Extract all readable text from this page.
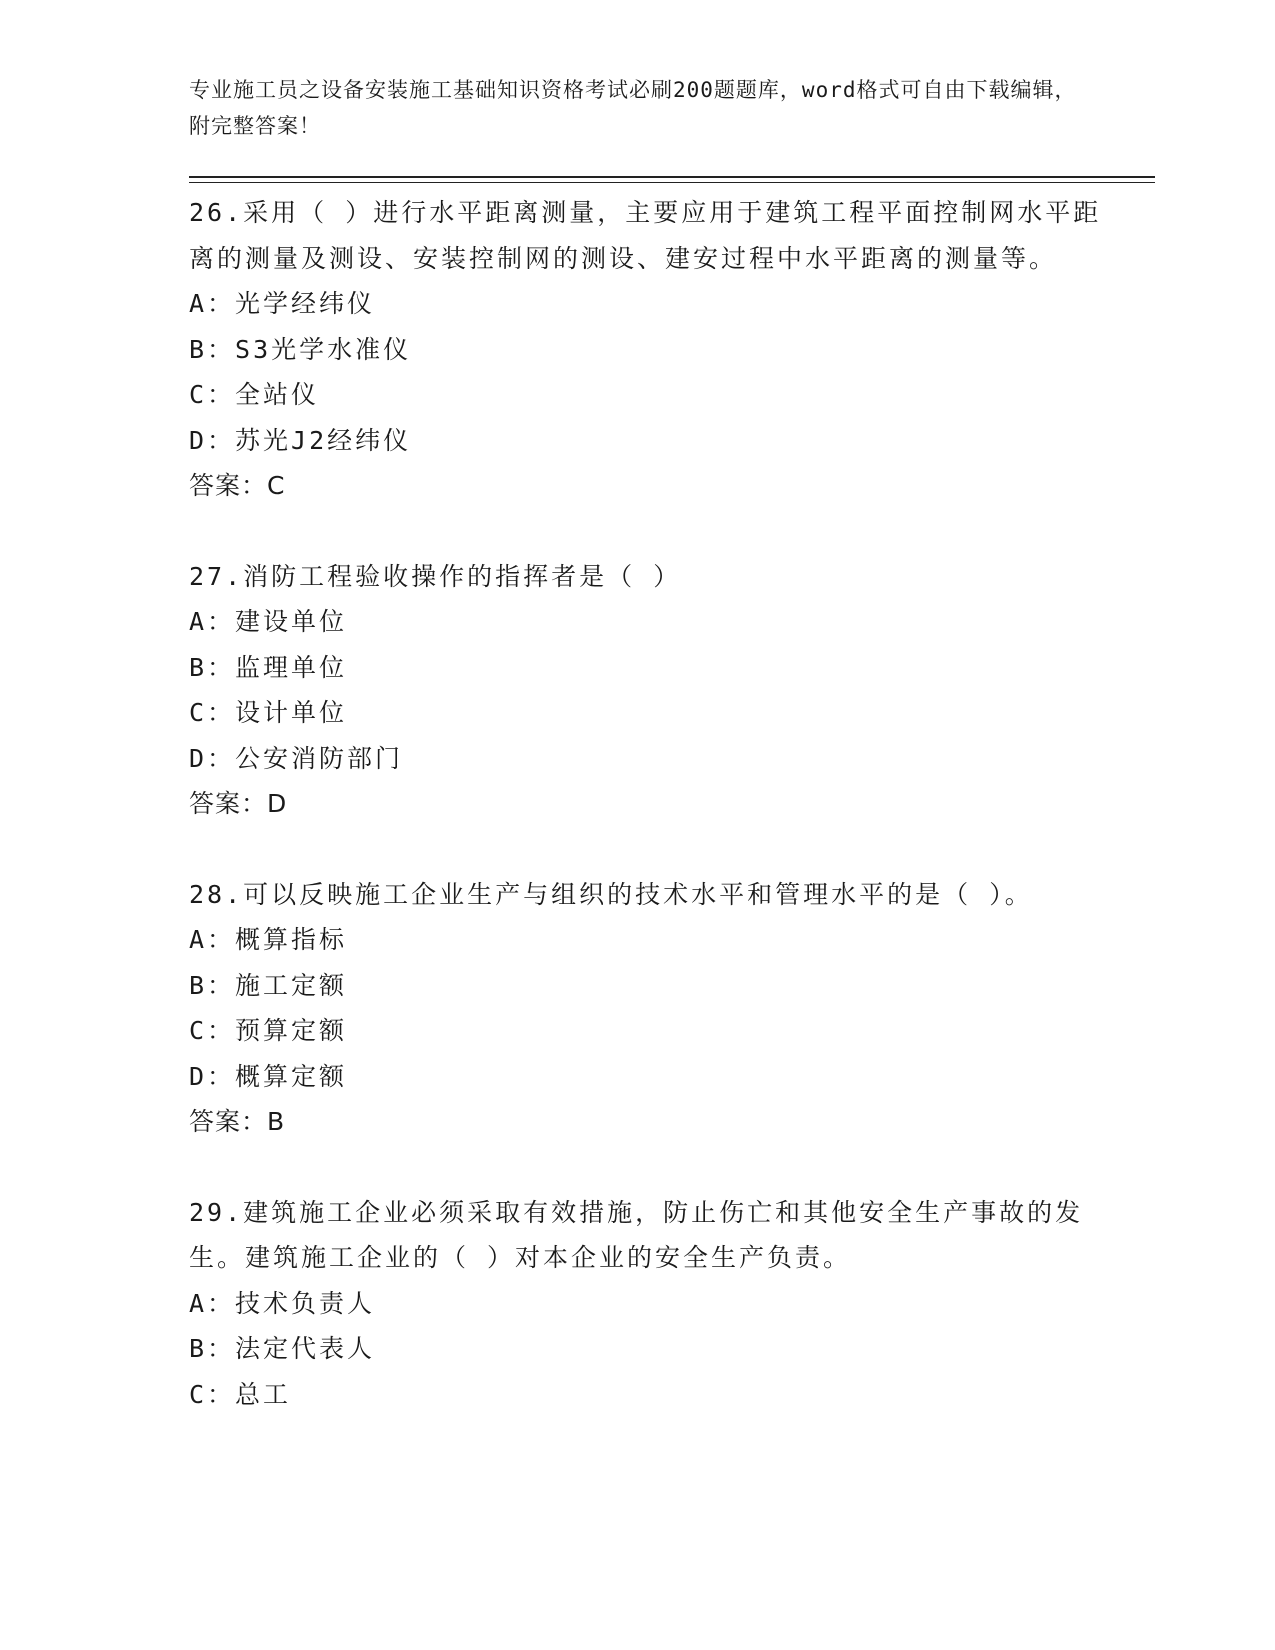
专业施工员之设备安装施工基础知识资格考试必刷200题题库，word格式可自由下载编辑，附完整答案！
26.采用（ ）进行水平距离测量，主要应用于建筑工程平面控制网水平距离的测量及测设、安装控制网的测设、建安过程中水平距离的测量等。
A：光学经纬仪
B：S3光学水准仪
C：全站仪
D：苏光J2经纬仪
答案：C
27.消防工程验收操作的指挥者是（ ）
A：建设单位
B：监理单位
C：设计单位
D：公安消防部门
答案：D
28.可以反映施工企业生产与组织的技术水平和管理水平的是（ ）。
A：概算指标
B：施工定额
C：预算定额
D：概算定额
答案：B
29.建筑施工企业必须采取有效措施，防止伤亡和其他安全生产事故的发生。建筑施工企业的（ ）对本企业的安全生产负责。
A：技术负责人
B：法定代表人
C：总工
